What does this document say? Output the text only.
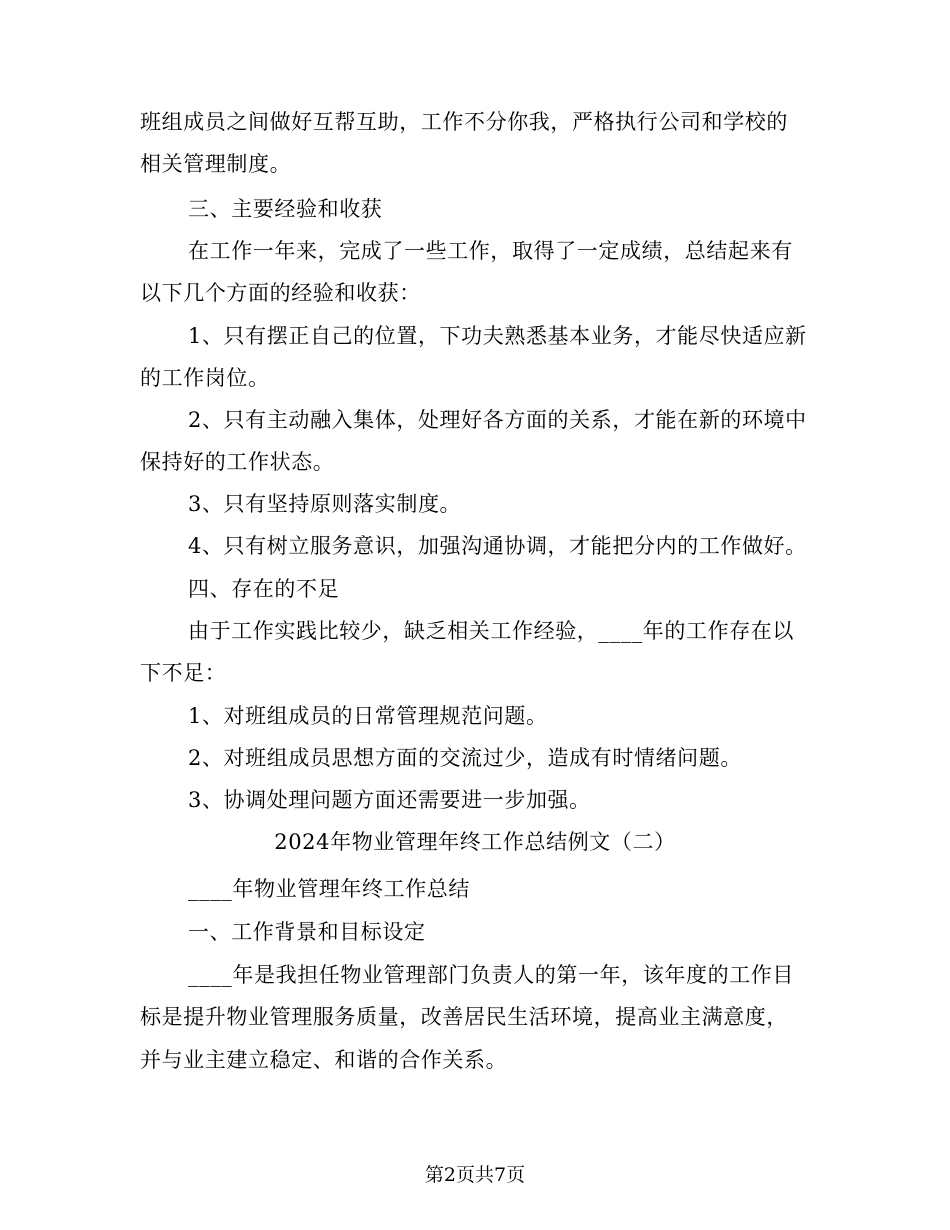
班组成员之间做好互帮互助，工作不分你我，严格执行公司和学校的
相关管理制度。
三、主要经验和收获
在工作一年来，完成了一些工作，取得了一定成绩，总结起来有
以下几个方面的经验和收获：
1、只有摆正自己的位置，下功夫熟悉基本业务，才能尽快适应新
的工作岗位。
2、只有主动融入集体，处理好各方面的关系，才能在新的环境中
保持好的工作状态。
3、只有坚持原则落实制度。
4、只有树立服务意识，加强沟通协调，才能把分内的工作做好。
四、存在的不足
由于工作实践比较少，缺乏相关工作经验，____年的工作存在以
下不足：
1、对班组成员的日常管理规范问题。
2、对班组成员思想方面的交流过少，造成有时情绪问题。
3、协调处理问题方面还需要进一步加强。
2024年物业管理年终工作总结例文（二）
____年物业管理年终工作总结
一、工作背景和目标设定
____年是我担任物业管理部门负责人的第一年，该年度的工作目
标是提升物业管理服务质量，改善居民生活环境，提高业主满意度，
并与业主建立稳定、和谐的合作关系。
第2页共7页
